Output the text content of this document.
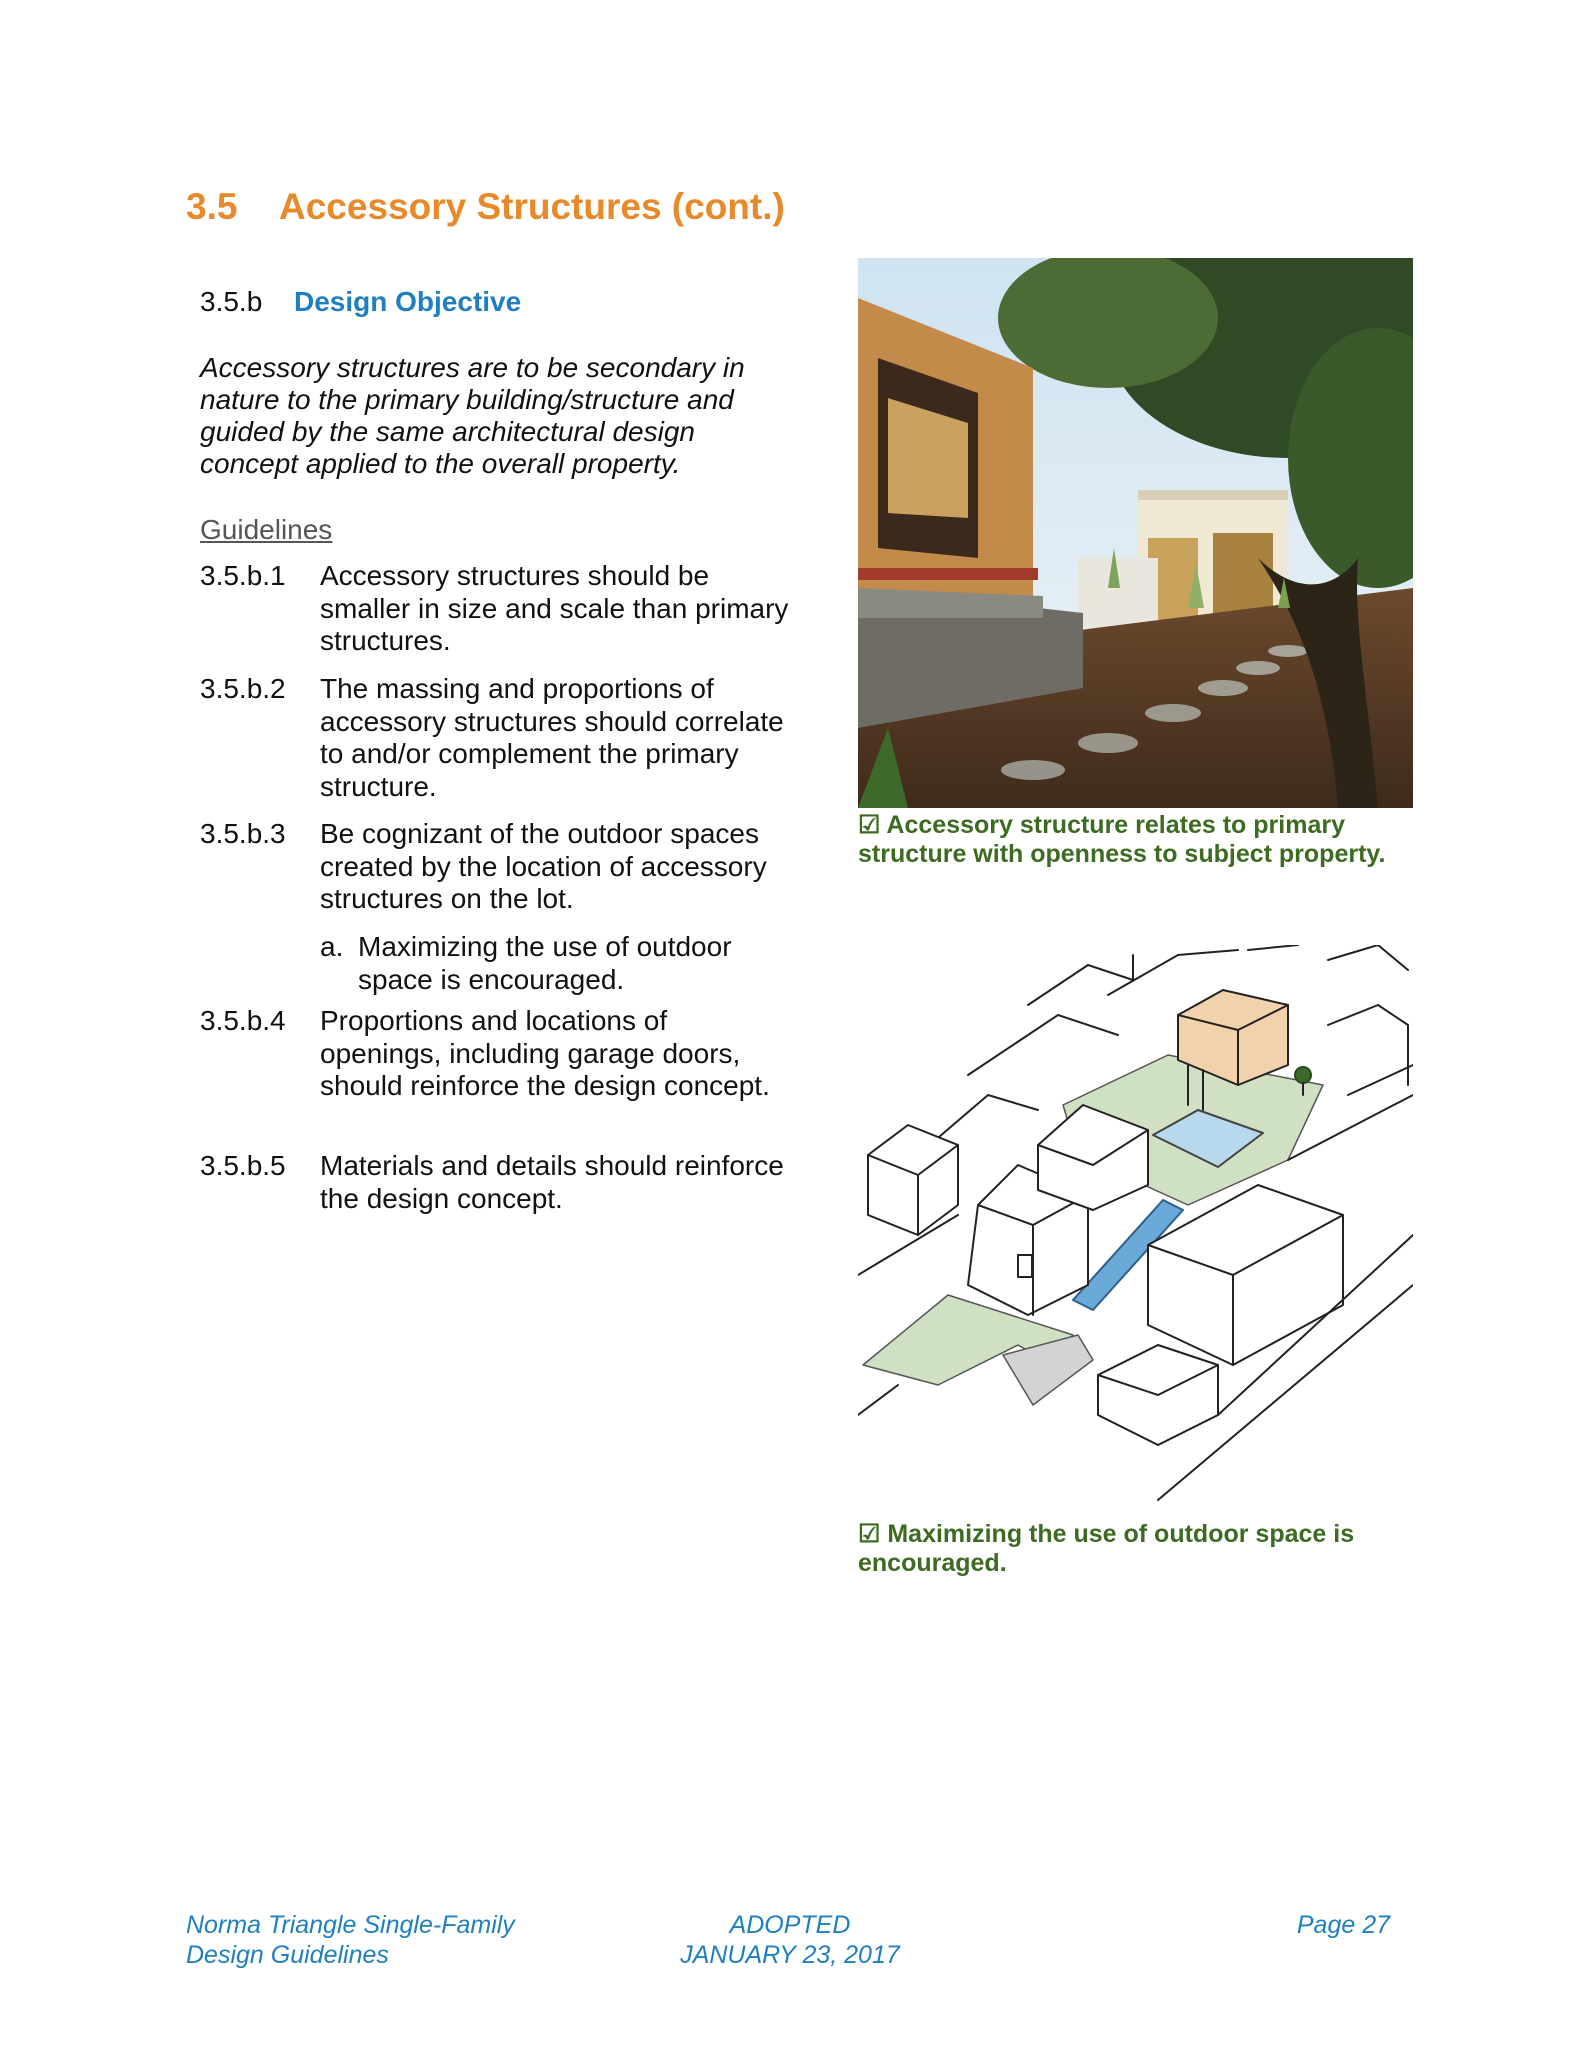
3.5 Accessory Structures (cont.)
3.5.b Design Objective
Accessory structures are to be secondary in nature to the primary building/structure and guided by the same architectural design concept applied to the overall property.
Guidelines
3.5.b.1	Accessory structures should be smaller in size and scale than primary structures.
3.5.b.2	The massing and proportions of accessory structures should correlate to and/or complement the primary structure.
3.5.b.3	Be cognizant of the outdoor spaces created by the location of accessory structures on the lot.
a. Maximizing the use of outdoor space is encouraged.
3.5.b.4	Proportions and locations of openings, including garage doors, should reinforce the design concept.
3.5.b.5	Materials and details should reinforce the design concept.
☑ Accessory structure relates to primary structure with openness to subject property.
☑ Maximizing the use of outdoor space is encouraged.
Norma Triangle Single-Family
Design Guidelines
ADOPTED
JANUARY 23, 2017
Page 27
